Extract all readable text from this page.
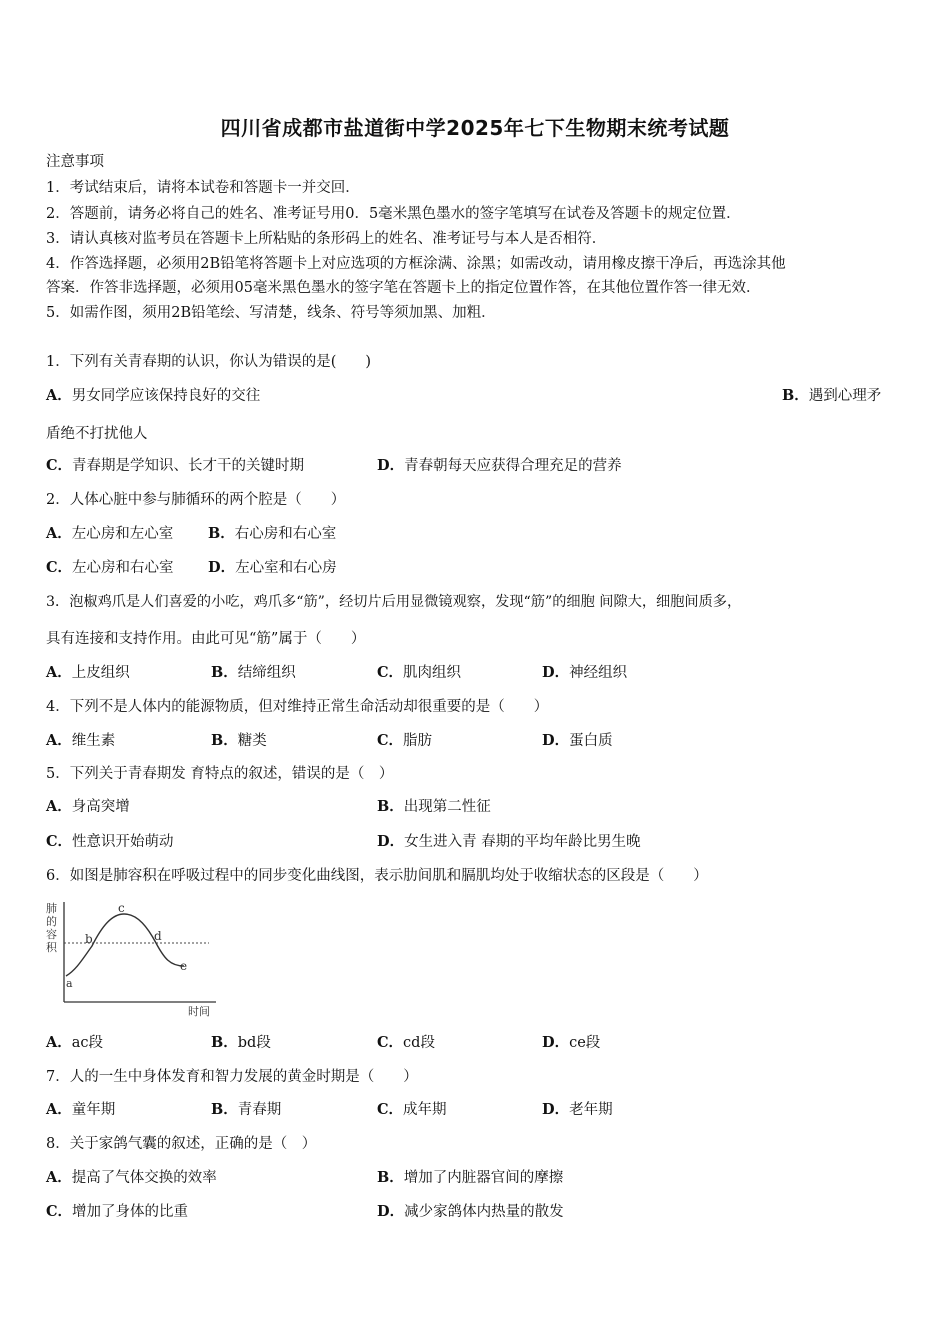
四川省成都市盐道街中学2025年七下生物期末统考试题
注意事项
1．考试结束后，请将本试卷和答题卡一并交回．
2．答题前，请务必将自己的姓名、准考证号用0．5毫米黑色墨水的签字笔填写在试卷及答题卡的规定位置．
3．请认真核对监考员在答题卡上所粘贴的条形码上的姓名、准考证号与本人是否相符．
4．作答选择题，必须用2B铅笔将答题卡上对应选项的方框涂满、涂黑；如需改动，请用橡皮擦干净后，再选涂其他
答案．作答非选择题，必须用05毫米黑色墨水的签字笔在答题卡上的指定位置作答，在其他位置作答一律无效．
5．如需作图，须用2B铅笔绘、写清楚，线条、符号等须加黑、加粗．
1．下列有关青春期的认识，你认为错误的是(　　)
A．男女同学应该保持良好的交往	B．遇到心理矛
盾绝不打扰他人
C．青春期是学知识、长才干的关键时期	D．青春朝每天应获得合理充足的营养
2．人体心脏中参与肺循环的两个腔是（　　）
A．左心房和左心室 B．右心房和右心室
C．左心房和右心室 D．左心室和右心房
3．泡椒鸡爪是人们喜爱的小吃，鸡爪多“筋”，经切片后用显微镜观察，发现“筋”的细胞 间隙大，细胞间质多，
具有连接和支持作用。由此可见“筋”属于（　　）
A．上皮组织	B．结缔组织	C．肌肉组织	D．神经组织
4．下列不是人体内的能源物质，但对维持正常生命活动却很重要的是（　　）
A．维生素	B．糖类	C．脂肪	D．蛋白质
5．下列关于青春期发 育特点的叙述，错误的是（　）
A．身高突增	B．出现第二性征
C．性意识开始萌动	D．女生进入青 春期的平均年龄比男生晚
6．如图是肺容积在呼吸过程中的同步变化曲线图，表示肋间肌和膈肌均处于收缩状态的区段是（　　）
肺
的
容
积
a
b
c
d
e
时间
A．ac段	B．bd段	C．cd段	D．ce段
7．人的一生中身体发育和智力发展的黄金时期是（　　）
A．童年期	B．青春期	C．成年期	D．老年期
8．关于家鸽气囊的叙述，正确的是（　）
A．提高了气体交换的效率	B．增加了内脏器官间的摩擦
C．增加了身体的比重	D．减少家鸽体内热量的散发
